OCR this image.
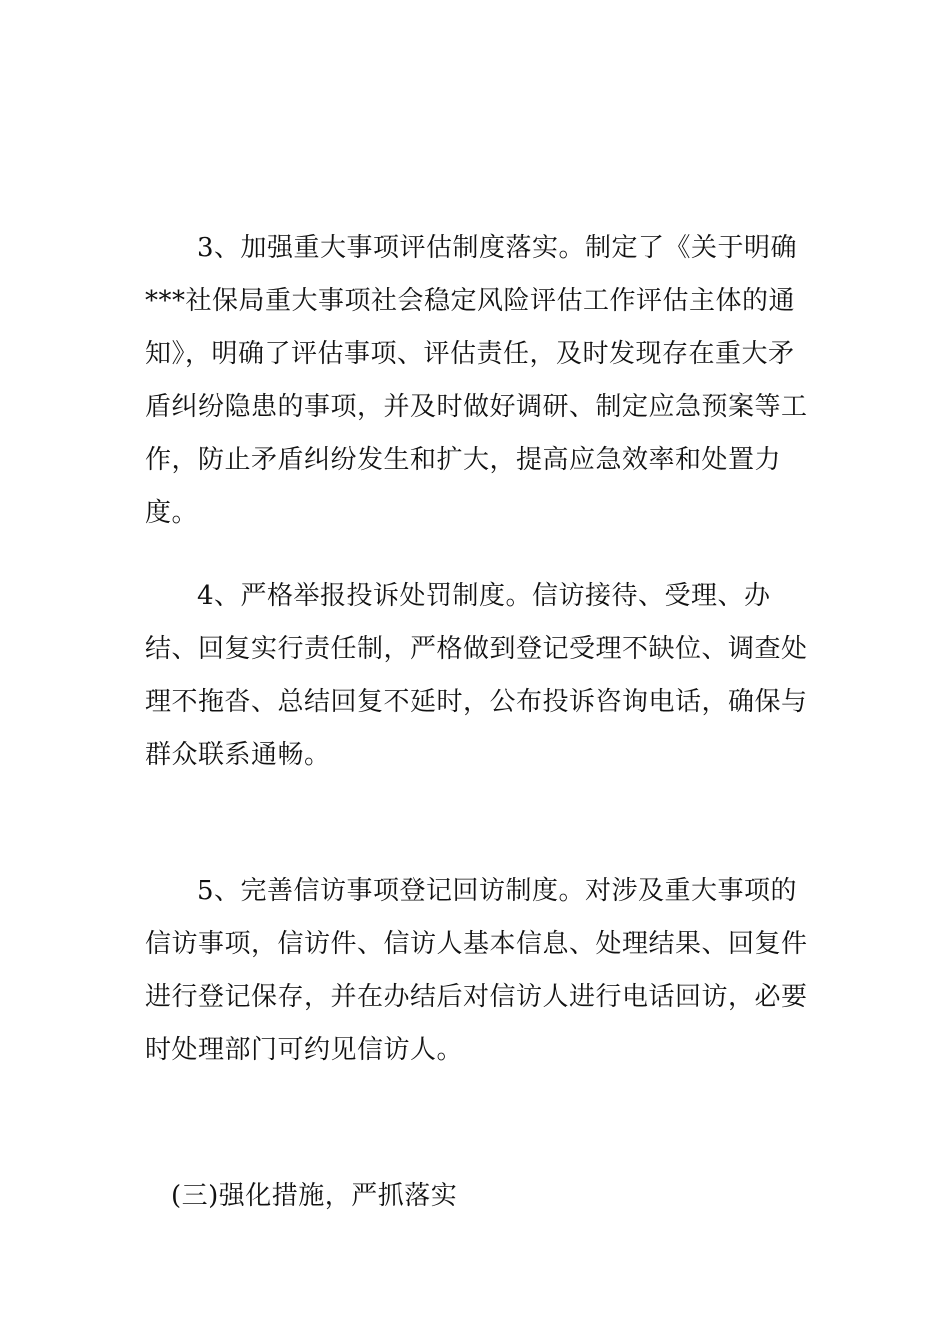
3、加强重大事项评估制度落实。制定了《关于明确***社保局重大事项社会稳定风险评估工作评估主体的通知》，明确了评估事项、评估责任，及时发现存在重大矛盾纠纷隐患的事项，并及时做好调研、制定应急预案等工作，防止矛盾纠纷发生和扩大，提高应急效率和处置力度。

4、严格举报投诉处罚制度。信访接待、受理、办结、回复实行责任制，严格做到登记受理不缺位、调查处理不拖沓、总结回复不延时，公布投诉咨询电话，确保与群众联系通畅。

5、完善信访事项登记回访制度。对涉及重大事项的信访事项，信访件、信访人基本信息、处理结果、回复件进行登记保存，并在办结后对信访人进行电话回访，必要时处理部门可约见信访人。

(三)强化措施，严抓落实
